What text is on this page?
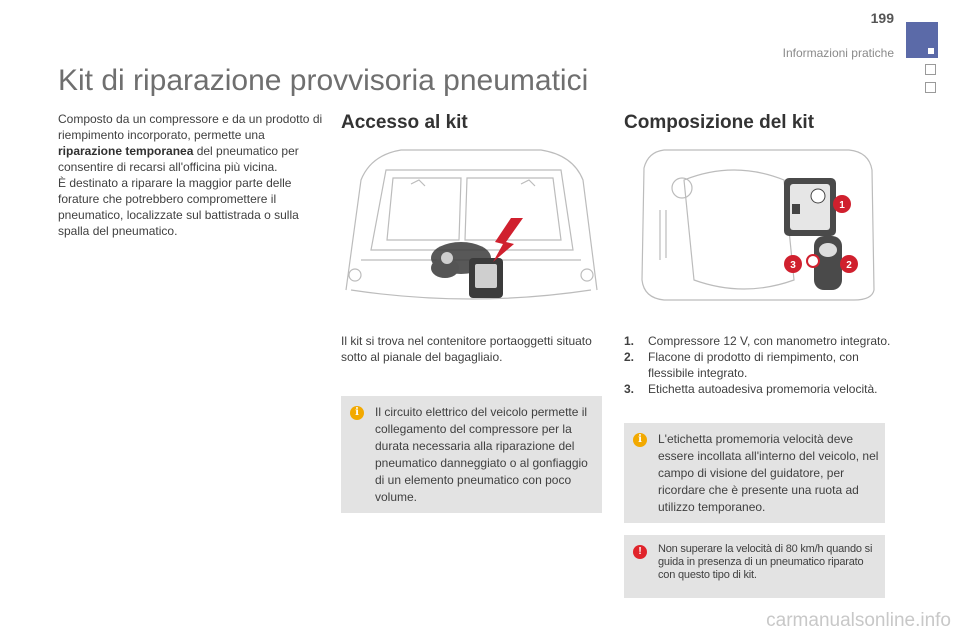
199
Informazioni pratiche
Kit di riparazione provvisoria pneumatici
Composto da un compressore e da un prodotto di riempimento incorporato, permette una riparazione temporanea del pneumatico per consentire di recarsi all'officina più vicina.
È destinato a riparare la maggior parte delle forature che potrebbero compromettere il pneumatico, localizzate sul battistrada o sulla spalla del pneumatico.
Accesso al kit	Composizione del kit
1
2
3

Il kit si trova nel contenitore portaoggetti situato sotto al pianale del bagagliaio.

1.	Compressore 12 V, con manometro integrato.
2.	Flacone di prodotto di riempimento, con flessibile integrato.
3.	Etichetta autoadesiva promemoria velocità.
i	Il circuito elettrico del veicolo permette il collegamento del compressore per la durata necessaria alla riparazione del pneumatico danneggiato o al gonfiaggio di un elemento pneumatico con poco volume.
i	L'etichetta promemoria velocità deve essere incollata all'interno del veicolo, nel campo di visione del guidatore, per ricordare che è presente una ruota ad utilizzo temporaneo.
!	Non superare la velocità di 80 km/h quando si guida in presenza di un pneumatico riparato con questo tipo di kit.
carmanualsonline.info
